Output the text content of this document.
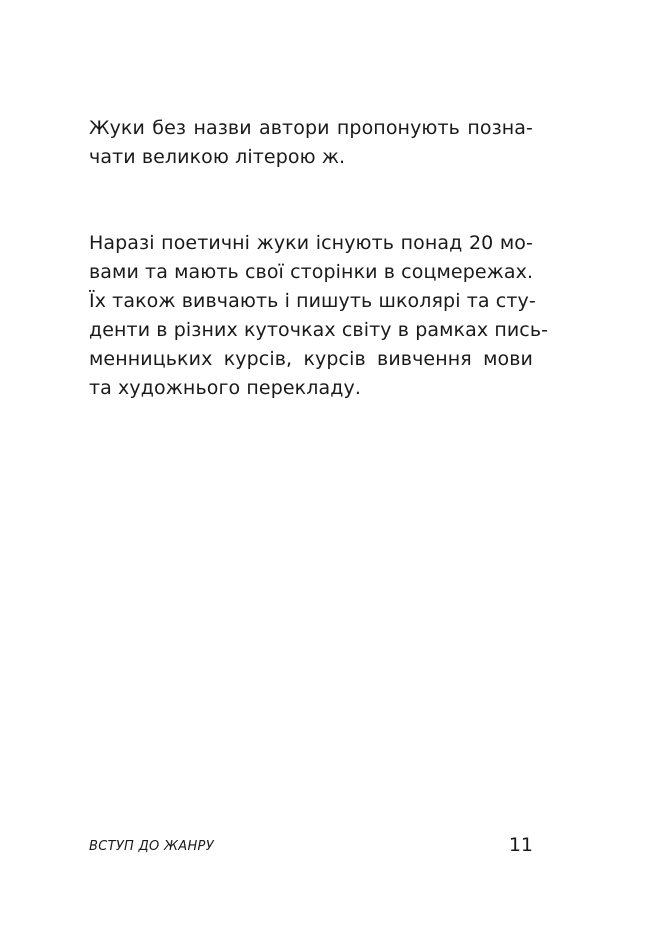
Жуки без назви автори пропонують позна-
чати великою літерою ж.
Наразі поетичні жуки існують понад 20 мо-
вами та мають свої сторінки в соцмережах.
Їх також вивчають і пишуть школярі та сту-
денти в різних куточках світу в рамках пись-
менницьких курсів, курсів вивчення мови
та художнього перекладу.
ВСТУП ДО ЖАНРУ	11
